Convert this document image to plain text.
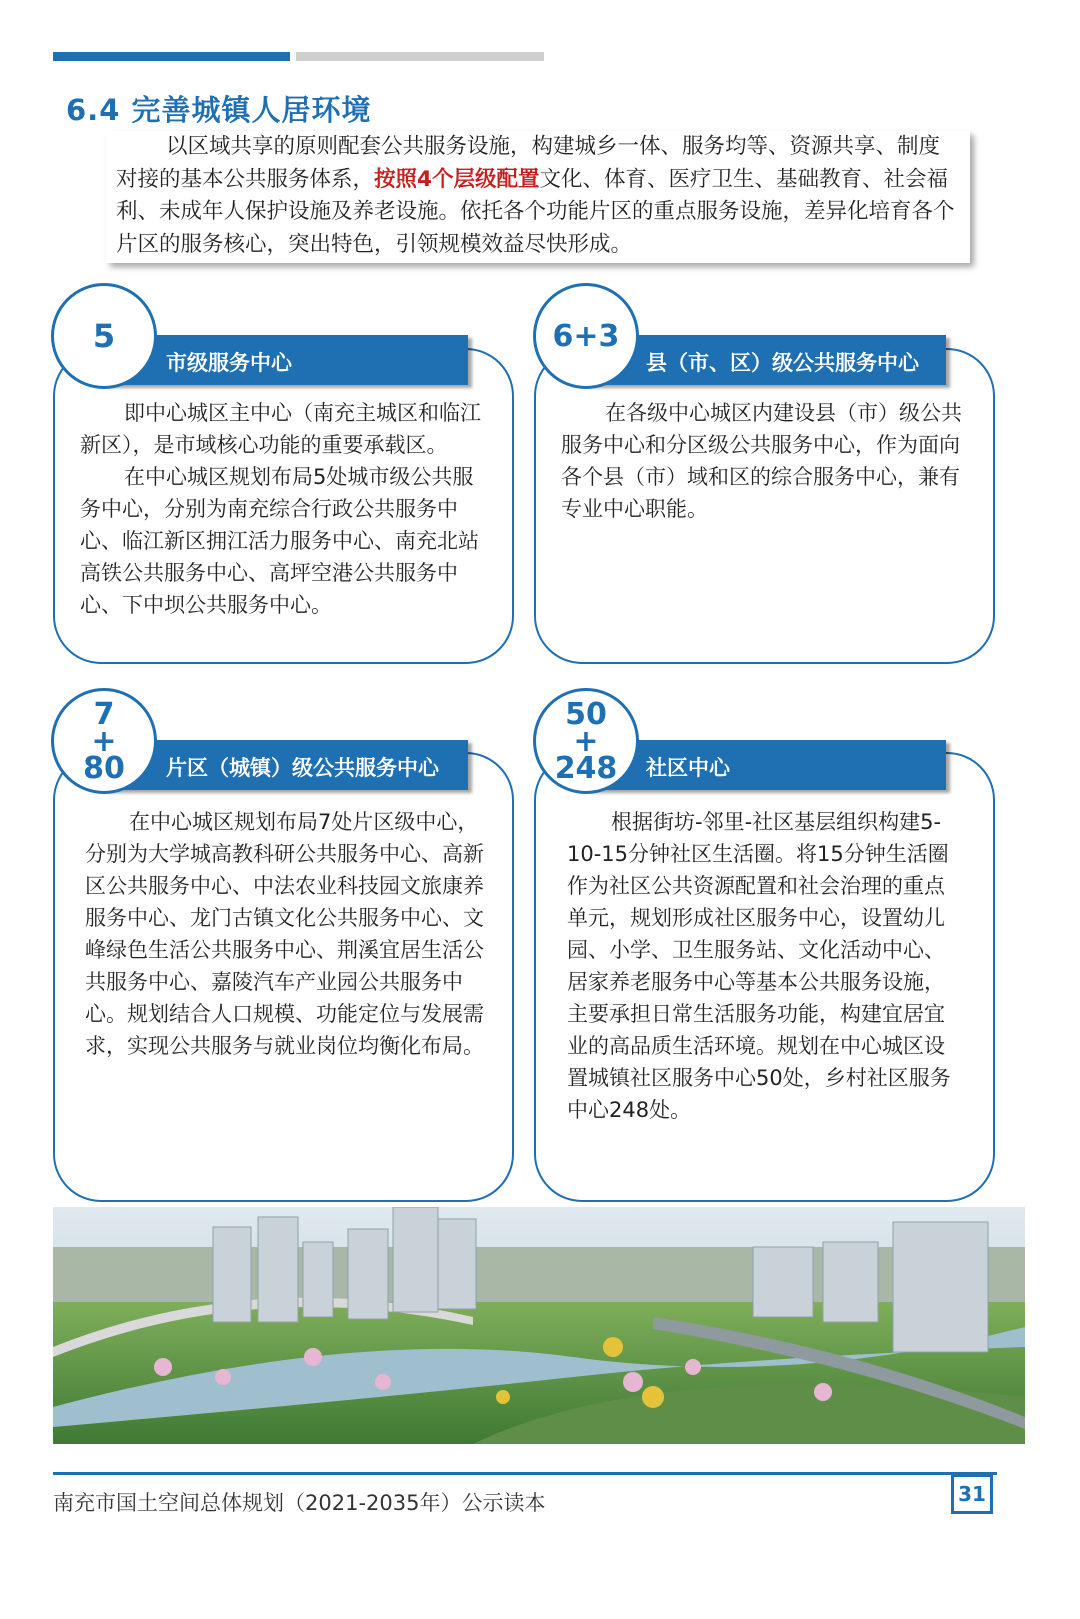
6.4 完善城镇人居环境
以区域共享的原则配套公共服务设施，构建城乡一体、服务均等、资源共享、制度对接的基本公共服务体系，按照4个层级配置文化、体育、医疗卫生、基础教育、社会福利、未成年人保护设施及养老设施。依托各个功能片区的重点服务设施，差异化培育各个片区的服务核心，突出特色，引领规模效益尽快形成。
市级服务中心
5

即中心城区主中心（南充主城区和临江新区），是市域核心功能的重要承载区。

在中心城区规划布局5处城市级公共服务中心，分别为南充综合行政公共服务中心、临江新区拥江活力服务中心、南充北站高铁公共服务中心、高坪空港公共服务中心、下中坝公共服务中心。

县（市、区）级公共服务中心
6+3

在各级中心城区内建设县（市）级公共服务中心和分区级公共服务中心，作为面向各个县（市）域和区的综合服务中心，兼有专业中心职能。

片区（城镇）级公共服务中心
7
+
80

在中心城区规划布局7处片区级中心，分别为大学城高教科研公共服务中心、高新区公共服务中心、中法农业科技园文旅康养服务中心、龙门古镇文化公共服务中心、文峰绿色生活公共服务中心、荆溪宜居生活公共服务中心、嘉陵汽车产业园公共服务中心。规划结合人口规模、功能定位与发展需求，实现公共服务与就业岗位均衡化布局。

社区中心
50
+
248

根据街坊-邻里-社区基层组织构建5-10-15分钟社区生活圈。将15分钟生活圈作为社区公共资源配置和社会治理的重点单元，规划形成社区服务中心，设置幼儿园、小学、卫生服务站、文化活动中心、居家养老服务中心等基本公共服务设施，主要承担日常生活服务功能，构建宜居宜业的高品质生活环境。规划在中心城区设置城镇社区服务中心50处，乡村社区服务中心248处。

南充市国土空间总体规划（2021-2035年）公示读本	31
